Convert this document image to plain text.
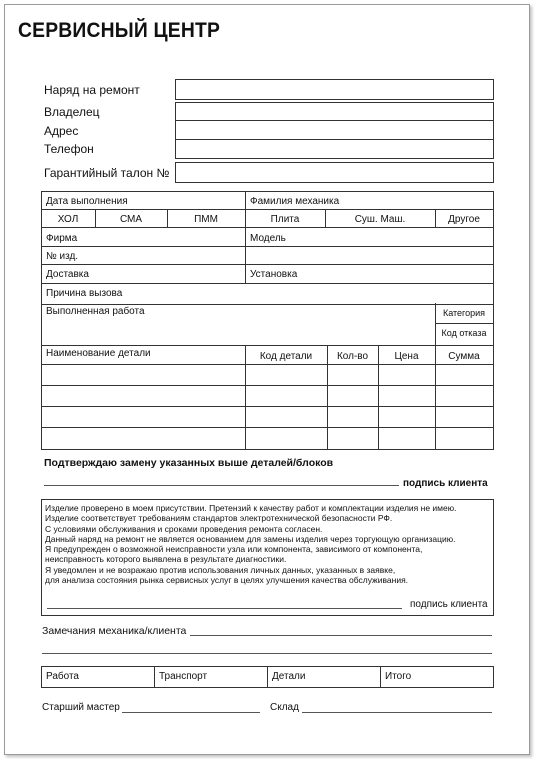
СЕРВИСНЫЙ ЦЕНТР
Наряд на ремонт
Владелец
Адрес
Телефон
Гарантийный талон №
Дата выполнения	Фамилия механика
ХОЛ	СМА	ПММ	Плита	Суш. Маш.	Другое
Фирма	Модель
№ изд.
Доставка	Установка
Причина вызова
Выполненная работа	Категория
Код отказа
Наименование детали	Код детали	Кол-во	Цена	Сумма
Подтверждаю замену указанных выше деталей/блоков
подпись клиента
Изделие проверено в моем присутствии. Претензий к качеству работ и комплектации изделия не имею.
Изделие соответствует требованиям стандартов электротехнической безопасности РФ.
С условиями обслуживания и сроками проведения ремонта согласен.
Данный наряд на ремонт не является основанием для замены изделия через торгующую организацию.
Я предупрежден о возможной неисправности узла или компонента, зависимого от компонента,
неисправность которого выявлена в результате диагностики.
Я уведомлен и не возражаю против использования личных данных, указанных в заявке,
для анализа состояния рынка сервисных услуг в целях улучшения качества обслуживания.
подпись клиента
Замечания механика/клиента
Работа	Транспорт	Детали	Итого
Старший мастер	Склад
